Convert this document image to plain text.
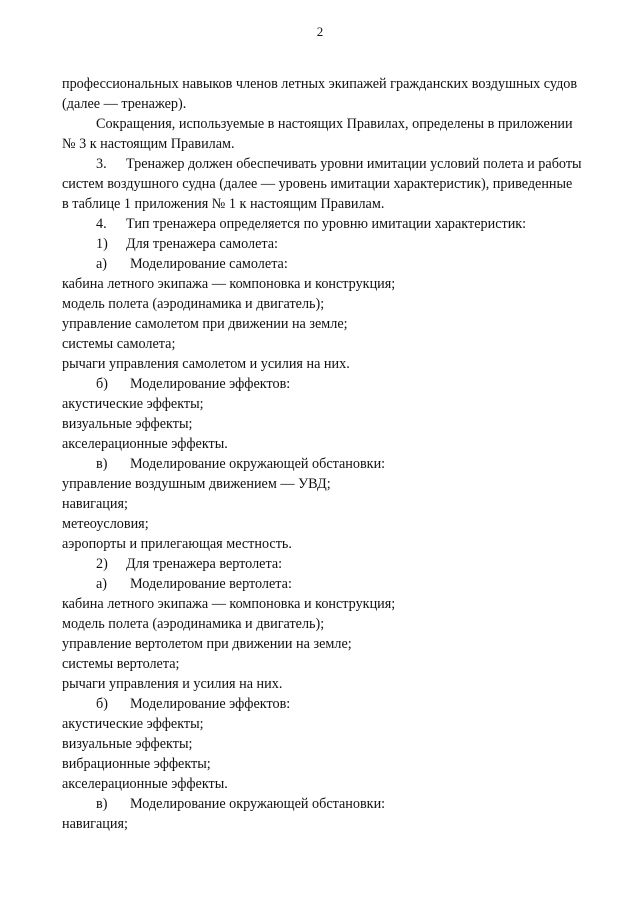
2
профессиональных навыков членов летных экипажей гражданских воздушных судов
(далее — тренажер).
Сокращения, используемые в настоящих Правилах, определены в приложении
№ 3 к настоящим Правилам.
3. Тренажер должен обеспечивать уровни имитации условий полета и работы
систем воздушного судна (далее — уровень имитации характеристик), приведенные
в таблице 1 приложения № 1 к настоящим Правилам.
4. Тип тренажера определяется по уровню имитации характеристик:
1) Для тренажера самолета:
а) Моделирование самолета:
кабина летного экипажа — компоновка и конструкция;
модель полета (аэродинамика и двигатель);
управление самолетом при движении на земле;
системы самолета;
рычаги управления самолетом и усилия на них.
б) Моделирование эффектов:
акустические эффекты;
визуальные эффекты;
акселерационные эффекты.
в) Моделирование окружающей обстановки:
управление воздушным движением — УВД;
навигация;
метеоусловия;
аэропорты и прилегающая местность.
2) Для тренажера вертолета:
а) Моделирование вертолета:
кабина летного экипажа — компоновка и конструкция;
модель полета (аэродинамика и двигатель);
управление вертолетом при движении на земле;
системы вертолета;
рычаги управления и усилия на них.
б) Моделирование эффектов:
акустические эффекты;
визуальные эффекты;
вибрационные эффекты;
акселерационные эффекты.
в) Моделирование окружающей обстановки:
навигация;
